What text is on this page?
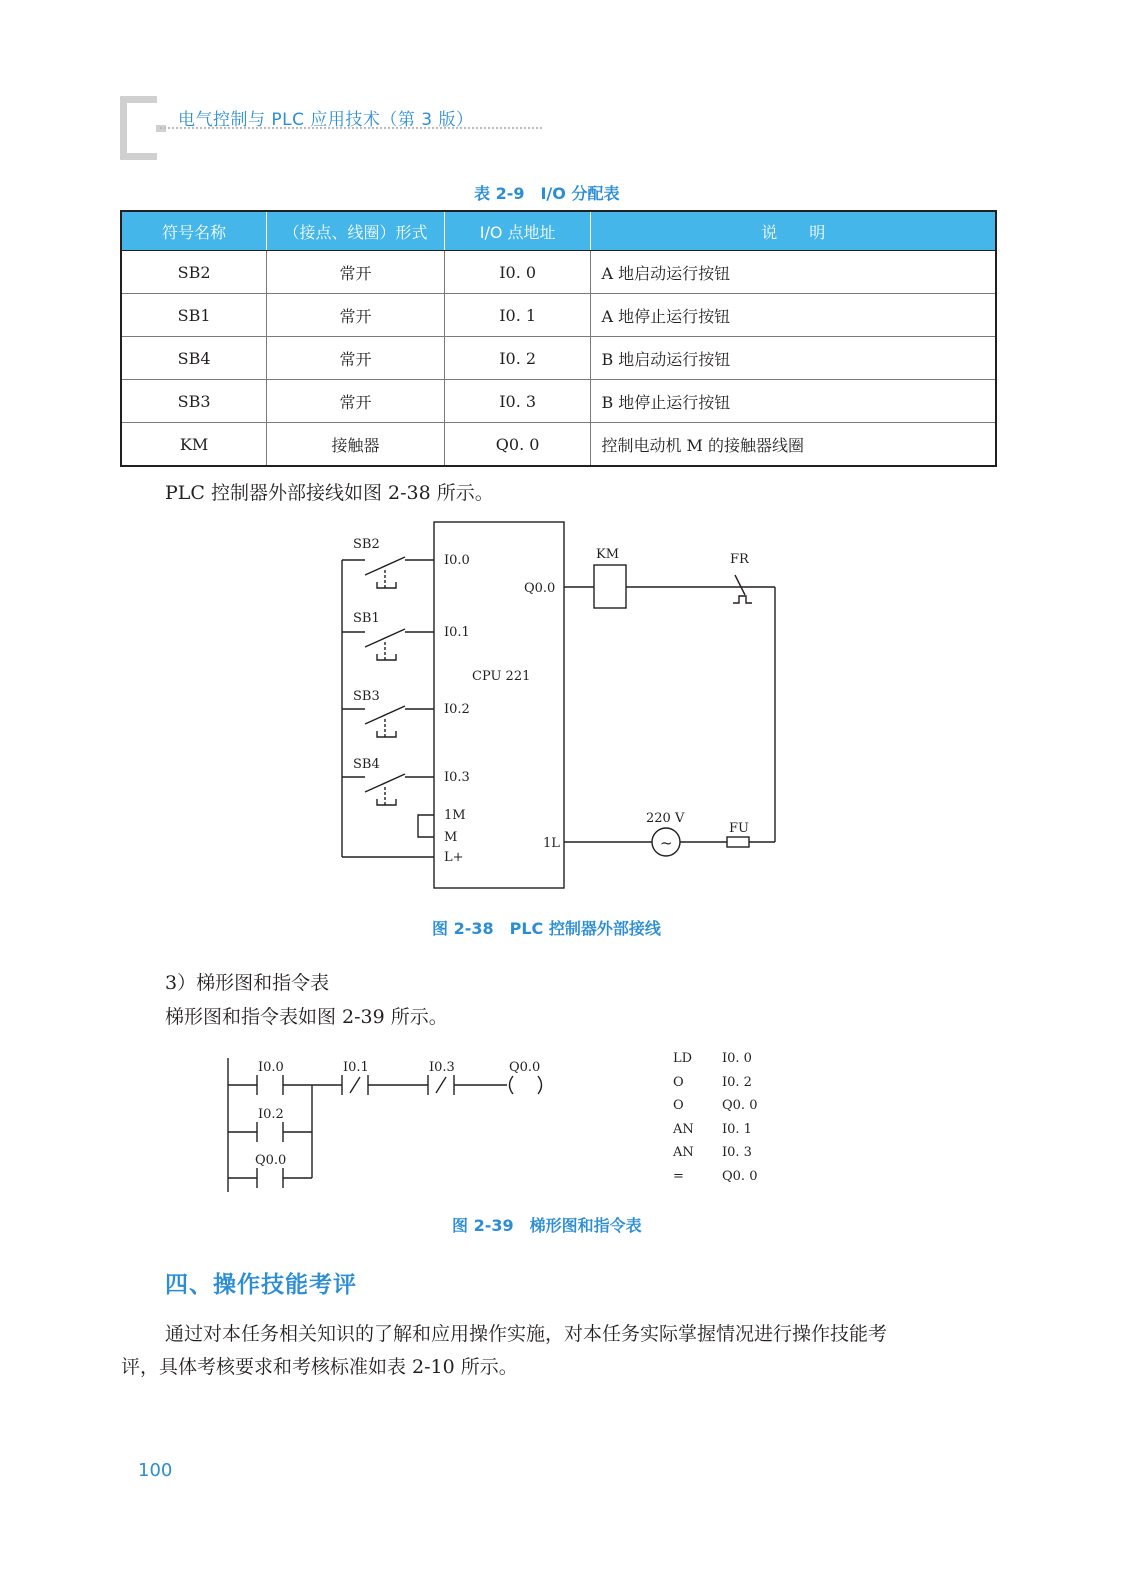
电气控制与 PLC 应用技术（第 3 版）
表 2-9　I/O 分配表
符号名称	（接点、线圈）形式	I/O 点地址	说　　明
SB2	常开	I0. 0	A 地启动运行按钮
SB1	常开	I0. 1	A 地停止运行按钮
SB4	常开	I0. 2	B 地启动运行按钮
SB3	常开	I0. 3	B 地停止运行按钮
KM	接触器	Q0. 0	控制电动机 M 的接触器线圈
PLC 控制器外部接线如图 2-38 所示。
SB2
SB1
SB3
SB4
I0.0
I0.1
I0.2
I0.3
Q0.0
CPU 221
1M
M
L+
1L
KM	FR
220 V
~
FU
图 2-38　PLC 控制器外部接线
3）梯形图和指令表
梯形图和指令表如图 2-39 所示。
I0.0	I0.1	I0.3
I0.2
Q0.0
Q0.0
LD I0. 0
O	I0. 2
O	Q0. 0
AN I0. 1
AN I0. 3
=	Q0. 0
图 2-39　梯形图和指令表
四、操作技能考评
通过对本任务相关知识的了解和应用操作实施，对本任务实际掌握情况进行操作技能考
评，具体考核要求和考核标准如表 2-10 所示。
100
